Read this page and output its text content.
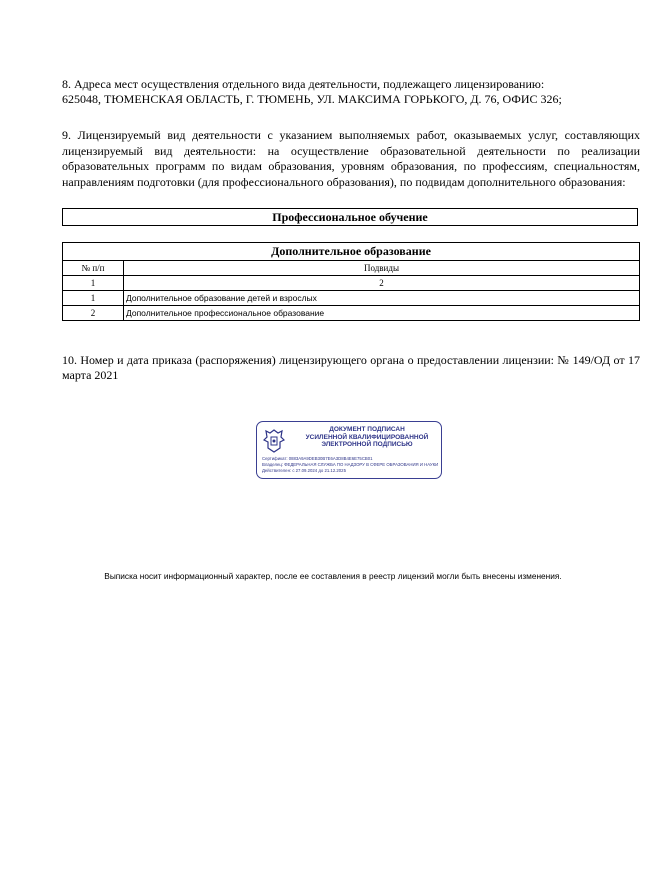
8. Адреса мест осуществления отдельного вида деятельности, подлежащего лицензированию:
625048, ТЮМЕНСКАЯ ОБЛАСТЬ, Г. ТЮМЕНЬ, УЛ. МАКСИМА ГОРЬКОГО, Д. 76, ОФИС 326;
9. Лицензируемый вид деятельности с указанием выполняемых работ, оказываемых услуг, составляющих лицензируемый вид деятельности: на осуществление образовательной деятельности по реализации образовательных программ по видам образования, уровням образования, по профессиям, специальностям, направлениям подготовки (для профессионального образования), по подвидам дополнительного образования:
Профессиональное обучение
Дополнительное образование	
№ п/п	Подвиды
1	2
1	Дополнительное образование детей и взрослых
2	Дополнительное профессиональное образование
10. Номер и дата приказа (распоряжения) лицензирующего органа о предоставлении лицензии: № 149/ОД от 17 марта 2021
ДОКУМЕНТ ПОДПИСАН
УСИЛЕННОЙ КВАЛИФИЦИРОВАННОЙ
ЭЛЕКТРОННОЙ ПОДПИСЬЮ
Сертификат: 0883A9A9DEB30B7E6A3D8B4E6E75CB01
Владелец: ФЕДЕРАЛЬНАЯ СЛУЖБА ПО НАДЗОРУ В СФЕРЕ ОБРАЗОВАНИЯ И НАУКИ
Действителен: с 27.09.2024 до 21.12.2025
Выписка носит информационный характер, после ее составления в реестр лицензий могли быть внесены изменения.
